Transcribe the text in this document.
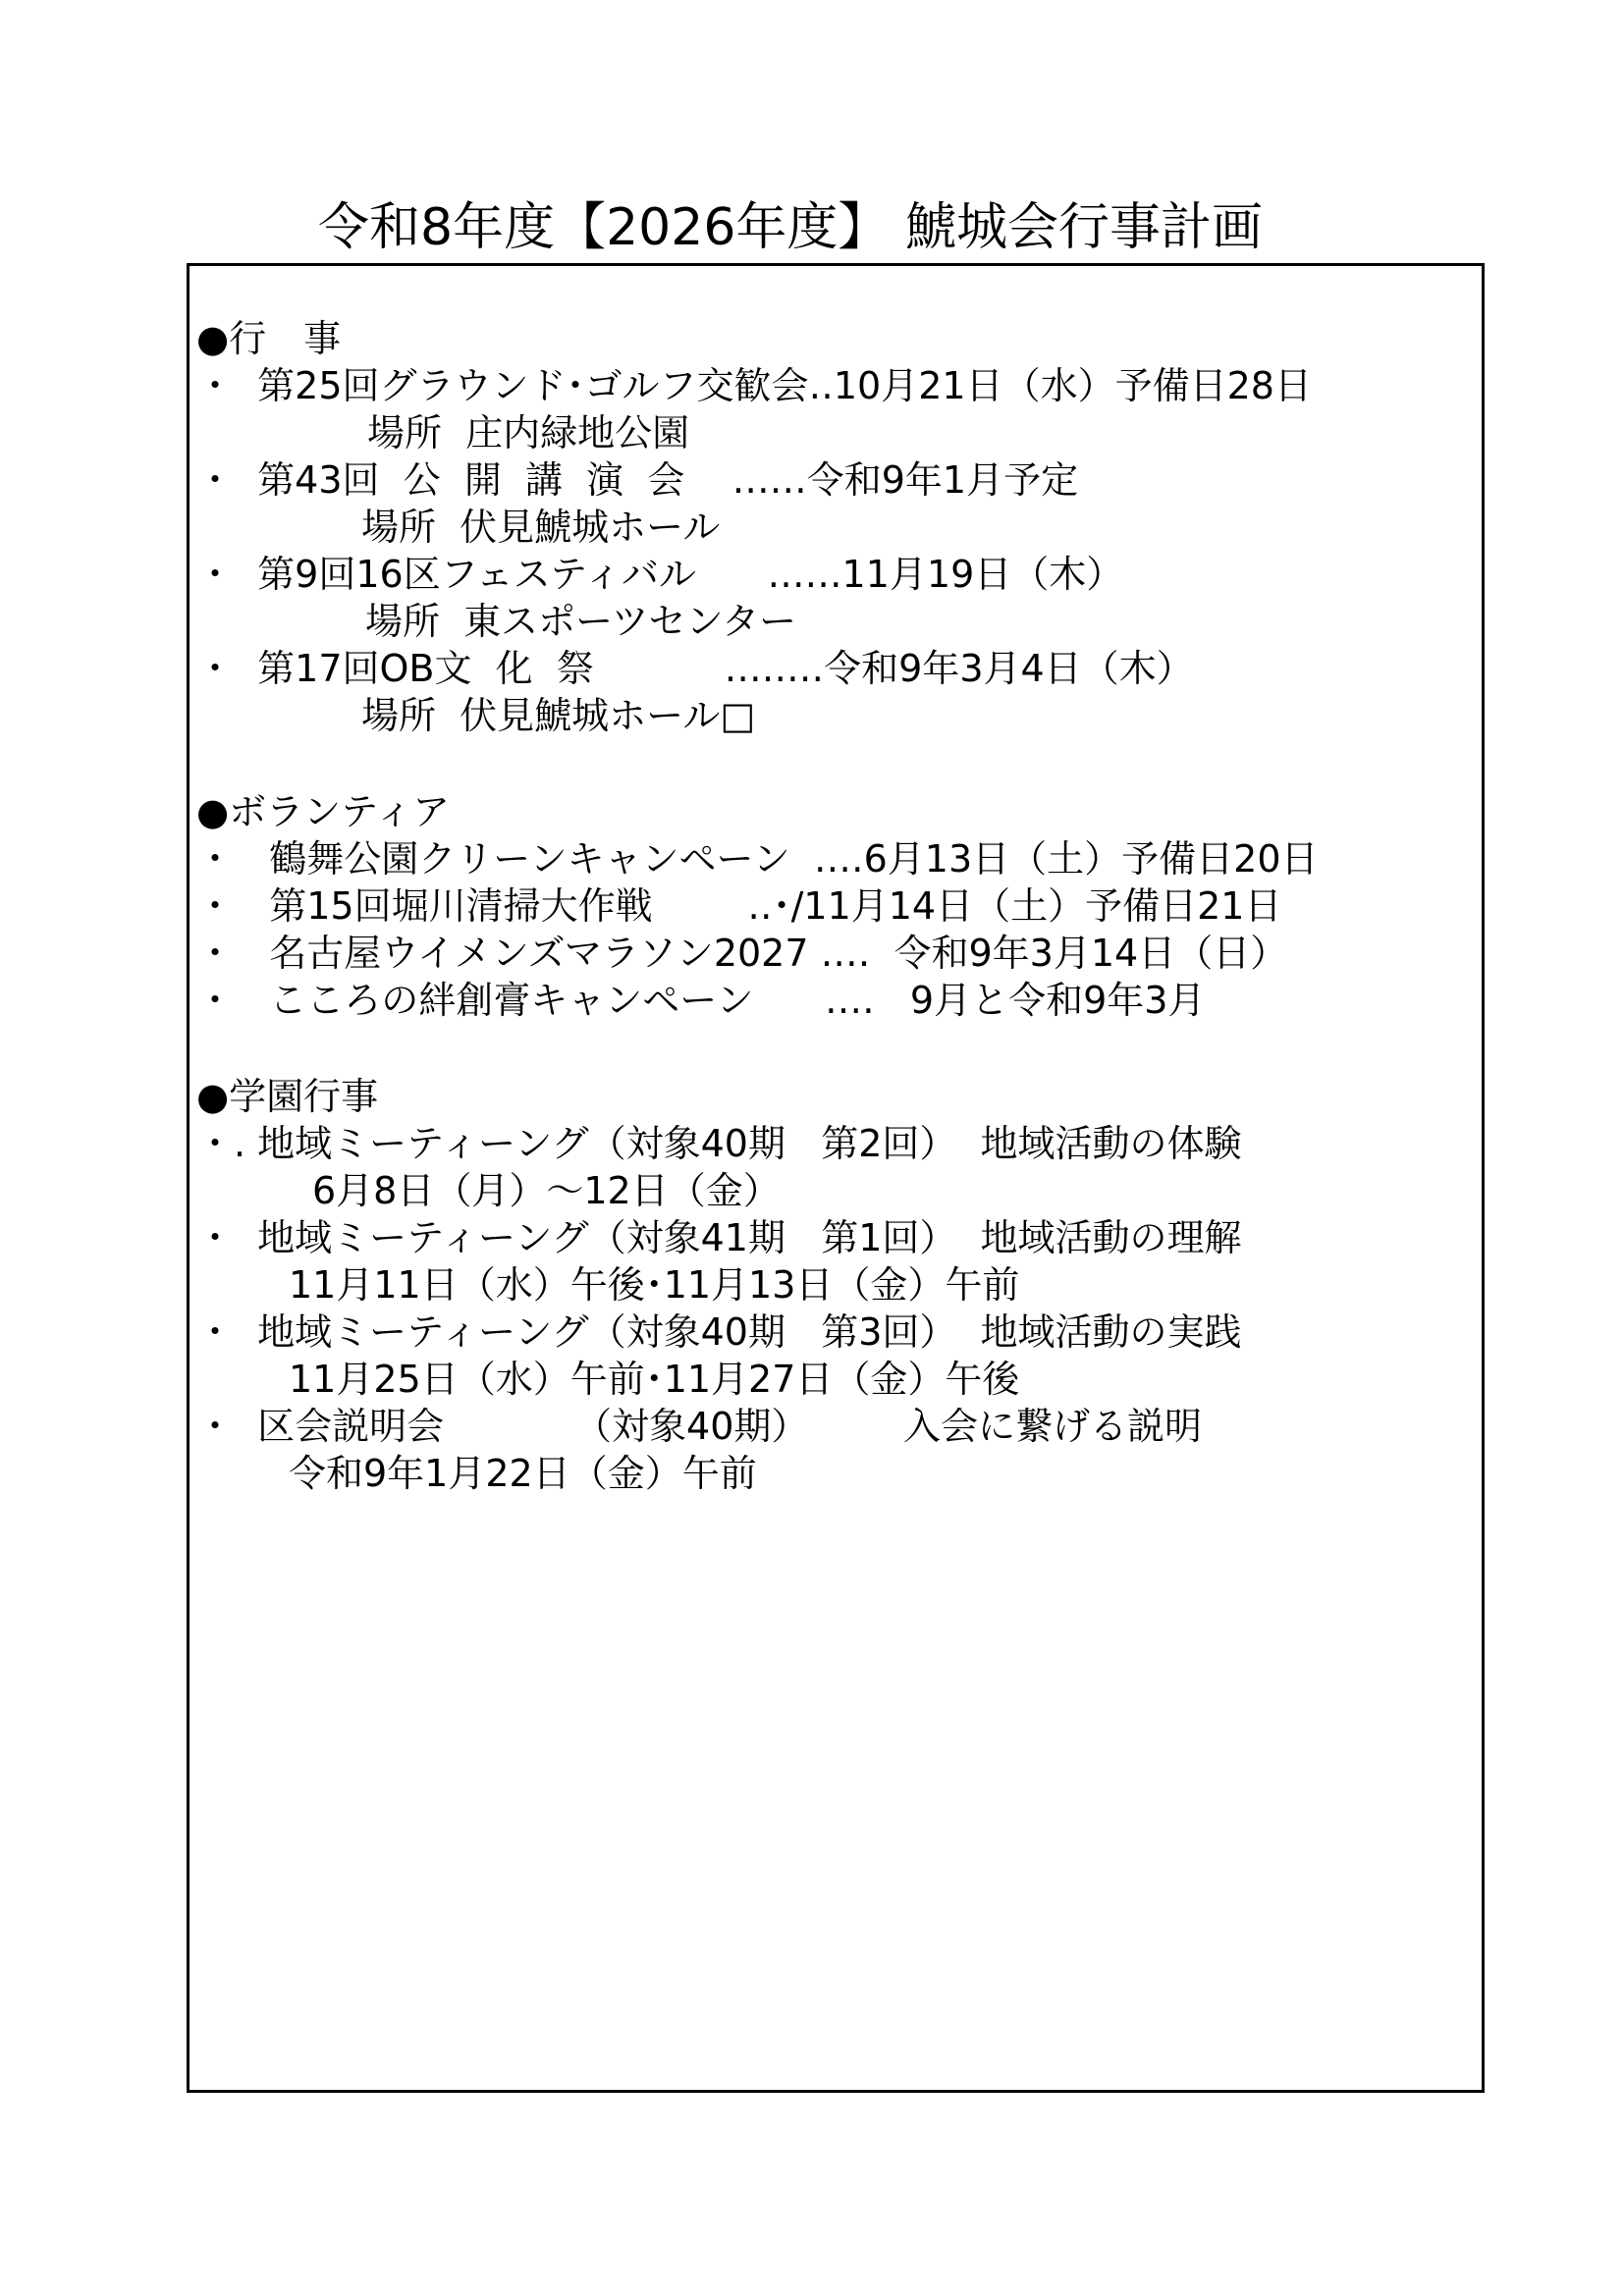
令和8年度【2026年度】 鯱城会行事計画
●行　事
・  第25回グラウンド･ゴルフ交歓会‥10月21日（水）予備日28日
場所  庄内緑地公園
・  第43回  公  開  講  演  会    ‥‥‥令和9年1月予定
場所  伏見鯱城ホール
・  第9回16区フェスティバル      ‥‥‥11月19日（木）
場所  東スポーツセンター
・  第17回OB文  化  祭           ‥‥‥‥令和9年3月4日（木）
場所  伏見鯱城ホール□
●ボランティア
・   鶴舞公園クリーンキャンペーン  ‥‥6月13日（土）予備日20日
・   第15回堀川清掃大作戦        ‥･/11月14日（土）予備日21日
・   名古屋ウイメンズマラソン2027 ‥‥  令和9年3月14日（日）
・   こころの絆創膏キャンペーン      ‥‥   9月と令和9年3月
●学園行事
・. 地域ミーティーング（対象40期   第2回）  地域活動の体験
6月8日（月）～12日（金）
・  地域ミーティーング（対象41期   第1回）  地域活動の理解
11月11日（水）午後･11月13日（金）午前
・  地域ミーティーング（対象40期   第3回）  地域活動の実践
11月25日（水）午前･11月27日（金）午後
・  区会説明会           （対象40期）        入会に繋げる説明
令和9年1月22日（金）午前
